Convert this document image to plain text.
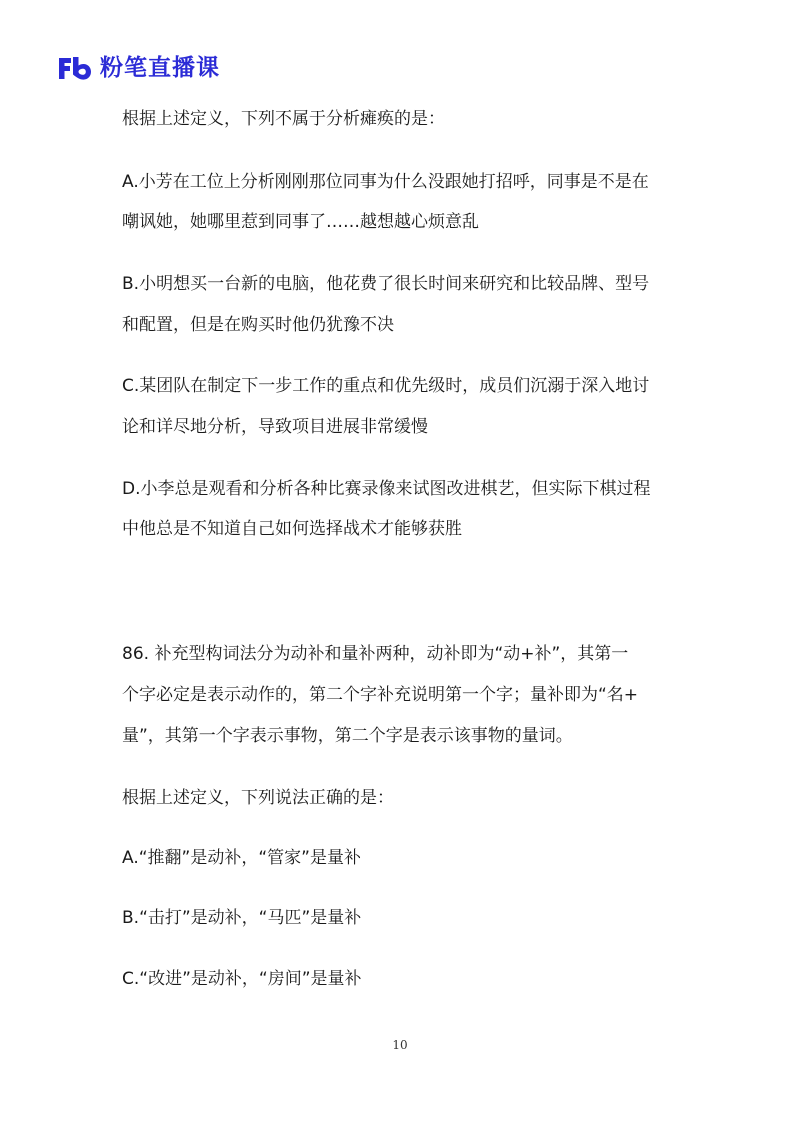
粉笔直播课
根据上述定义，下列不属于分析瘫痪的是：
A.小芳在工位上分析刚刚那位同事为什么没跟她打招呼，同事是不是在
嘲讽她，她哪里惹到同事了……越想越心烦意乱
B.小明想买一台新的电脑，他花费了很长时间来研究和比较品牌、型号
和配置，但是在购买时他仍犹豫不决
C.某团队在制定下一步工作的重点和优先级时，成员们沉溺于深入地讨
论和详尽地分析，导致项目进展非常缓慢
D.小李总是观看和分析各种比赛录像来试图改进棋艺，但实际下棋过程
中他总是不知道自己如何选择战术才能够获胜
86. 补充型构词法分为动补和量补两种，动补即为“动+补”，其第一
个字必定是表示动作的，第二个字补充说明第一个字；量补即为“名+
量”，其第一个字表示事物，第二个字是表示该事物的量词。
根据上述定义，下列说法正确的是：
A.“推翻”是动补，“管家”是量补
B.“击打”是动补，“马匹”是量补
C.“改进”是动补，“房间”是量补
10
